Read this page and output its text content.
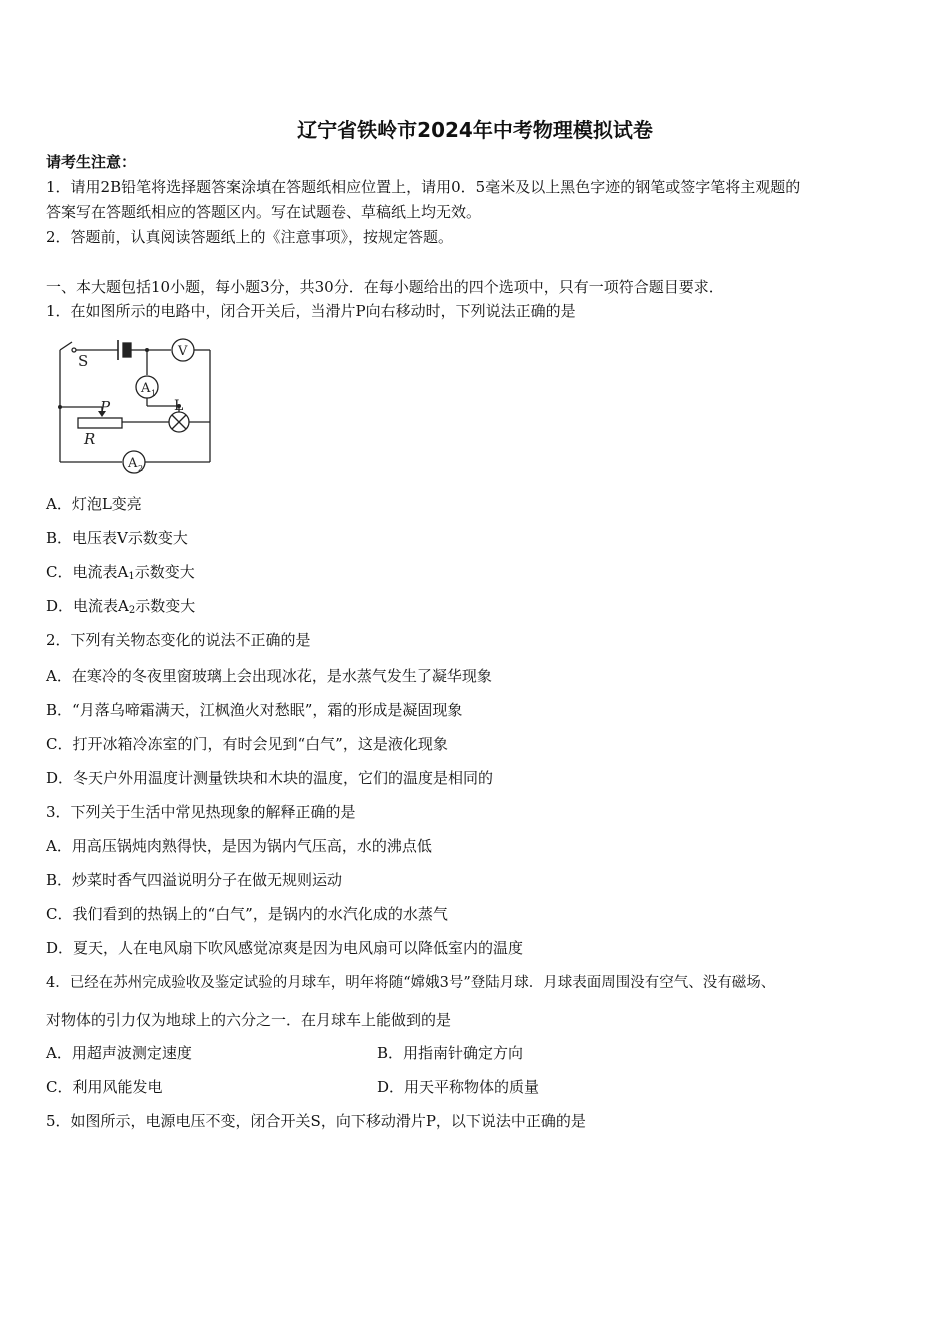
辽宁省铁岭市2024年中考物理模拟试卷
请考生注意：
1．请用2B铅笔将选择题答案涂填在答题纸相应位置上，请用0．5毫米及以上黑色字迹的钢笔或签字笔将主观题的
答案写在答题纸相应的答题区内。写在试题卷、草稿纸上均无效。
2．答题前，认真阅读答题纸上的《注意事项》，按规定答题。
一、本大题包括10小题，每小题3分，共30分．在每小题给出的四个选项中，只有一项符合题目要求．
1．在如图所示的电路中，闭合开关后，当滑片P向右移动时，下列说法正确的是
S
V
A 1
A 2
P	L
R
A．灯泡L变亮
B．电压表V示数变大
C．电流表$A_1$示数变大
D．电流表$A_2$示数变大
2．下列有关物态变化的说法不正确的是
A．在寒冷的冬夜里窗玻璃上会出现冰花，是水蒸气发生了凝华现象
B．“月落乌啼霜满天，江枫渔火对愁眠”，霜的形成是凝固现象
C．打开冰箱冷冻室的门，有时会见到“白气”，这是液化现象
D．冬天户外用温度计测量铁块和木块的温度，它们的温度是相同的
3．下列关于生活中常见热现象的解释正确的是
A．用高压锅炖肉熟得快，是因为锅内气压高，水的沸点低
B．炒菜时香气四溢说明分子在做无规则运动
C．我们看到的热锅上的“白气”，是锅内的水汽化成的水蒸气
D．夏天，人在电风扇下吹风感觉凉爽是因为电风扇可以降低室内的温度
4．已经在苏州完成验收及鉴定试验的月球车，明年将随“嫦娥3号”登陆月球．月球表面周围没有空气、没有磁场、
对物体的引力仅为地球上的六分之一．在月球车上能做到的是
A．用超声波测定速度	B．用指南针确定方向
C．利用风能发电	D．用天平称物体的质量
5．如图所示，电源电压不变，闭合开关S，向下移动滑片P，以下说法中正确的是
